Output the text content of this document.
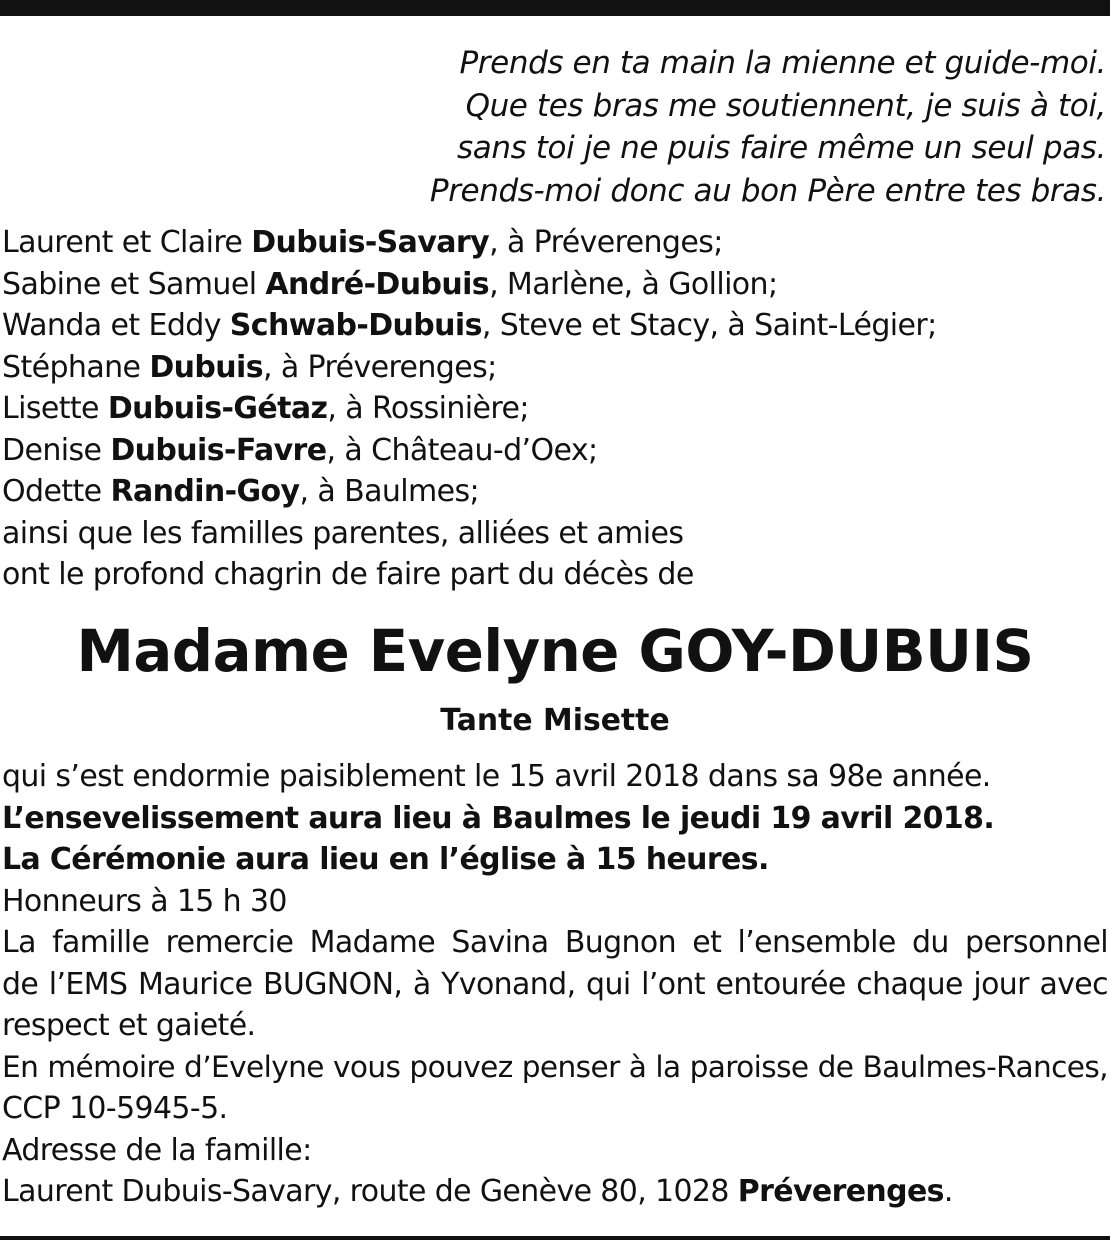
Prends en ta main la mienne et guide-moi.
Que tes bras me soutiennent, je suis à toi,
sans toi je ne puis faire même un seul pas.
Prends-moi donc au bon Père entre tes bras.
Laurent et Claire Dubuis-Savary, à Préverenges;
Sabine et Samuel André-Dubuis, Marlène, à Gollion;
Wanda et Eddy Schwab-Dubuis, Steve et Stacy, à Saint-Légier;
Stéphane Dubuis, à Préverenges;
Lisette Dubuis-Gétaz, à Rossinière;
Denise Dubuis-Favre, à Château-d’Oex;
Odette Randin-Goy, à Baulmes;
ainsi que les familles parentes, alliées et amies
ont le profond chagrin de faire part du décès de
Madame Evelyne GOY-DUBUIS
Tante Misette
qui s’est endormie paisiblement le 15 avril 2018 dans sa 98e année.
L’ensevelissement aura lieu à Baulmes le jeudi 19 avril 2018.
La Cérémonie aura lieu en l’église à 15 heures.
Honneurs à 15 h 30
La famille remercie Madame Savina Bugnon et l’ensemble du personnel
de l’EMS Maurice BUGNON, à Yvonand, qui l’ont entourée chaque jour avec
respect et gaieté.
En mémoire d’Evelyne vous pouvez penser à la paroisse de Baulmes-Rances,
CCP 10-5945-5.
Adresse de la famille:
Laurent Dubuis-Savary, route de Genève 80, 1028 Préverenges.
